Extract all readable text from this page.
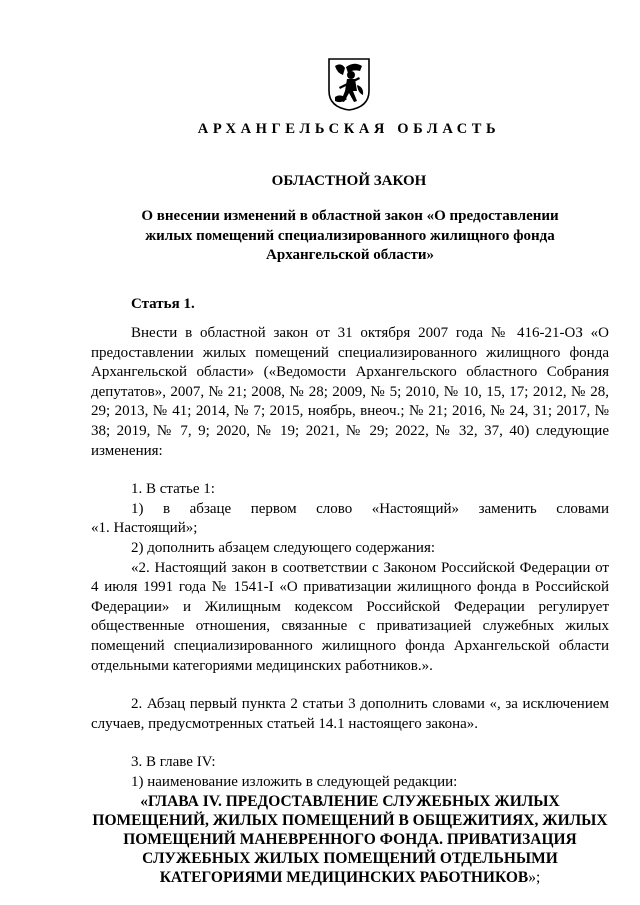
АРХАНГЕЛЬСКАЯ ОБЛАСТЬ
ОБЛАСТНОЙ ЗАКОН
О внесении изменений в областной закон «О предоставлении жилых помещений специализированного жилищного фонда Архангельской области»
Статья 1.

Внести в областной закон от 31 октября 2007 года № 416-21-ОЗ «О предоставлении жилых помещений специализированного жилищного фонда Архангельской области» («Ведомости Архангельского областного Собрания депутатов», 2007, № 21; 2008, № 28; 2009, № 5; 2010, № 10, 15, 17; 2012, № 28, 29; 2013, № 41; 2014, № 7; 2015, ноябрь, внеоч.; № 21; 2016, № 24, 31; 2017, № 38; 2019, № 7, 9; 2020, № 19; 2021, № 29; 2022, № 32, 37, 40) следующие изменения:

1. В статье 1:

1) в абзаце первом слово «Настоящий» заменить словами

«1. Настоящий»;

2) дополнить абзацем следующего содержания:

«2. Настоящий закон в соответствии с Законом Российской Федерации от 4 июля 1991 года № 1541-I «О приватизации жилищного фонда в Российской Федерации» и Жилищным кодексом Российской Федерации регулирует общественные отношения, связанные с приватизацией служебных жилых помещений специализированного жилищного фонда Архангельской области отдельными категориями медицинских работников.».

2. Абзац первый пункта 2 статьи 3 дополнить словами «, за исключением случаев, предусмотренных статьей 14.1 настоящего закона».

3. В главе IV:

1) наименование изложить в следующей редакции:

«ГЛАВА IV. ПРЕДОСТАВЛЕНИЕ СЛУЖЕБНЫХ ЖИЛЫХ ПОМЕЩЕНИЙ, ЖИЛЫХ ПОМЕЩЕНИЙ В ОБЩЕЖИТИЯХ, ЖИЛЫХ ПОМЕЩЕНИЙ МАНЕВРЕННОГО ФОНДА. ПРИВАТИЗАЦИЯ СЛУЖЕБНЫХ ЖИЛЫХ ПОМЕЩЕНИЙ ОТДЕЛЬНЫМИ КАТЕГОРИЯМИ МЕДИЦИНСКИХ РАБОТНИКОВ»;
